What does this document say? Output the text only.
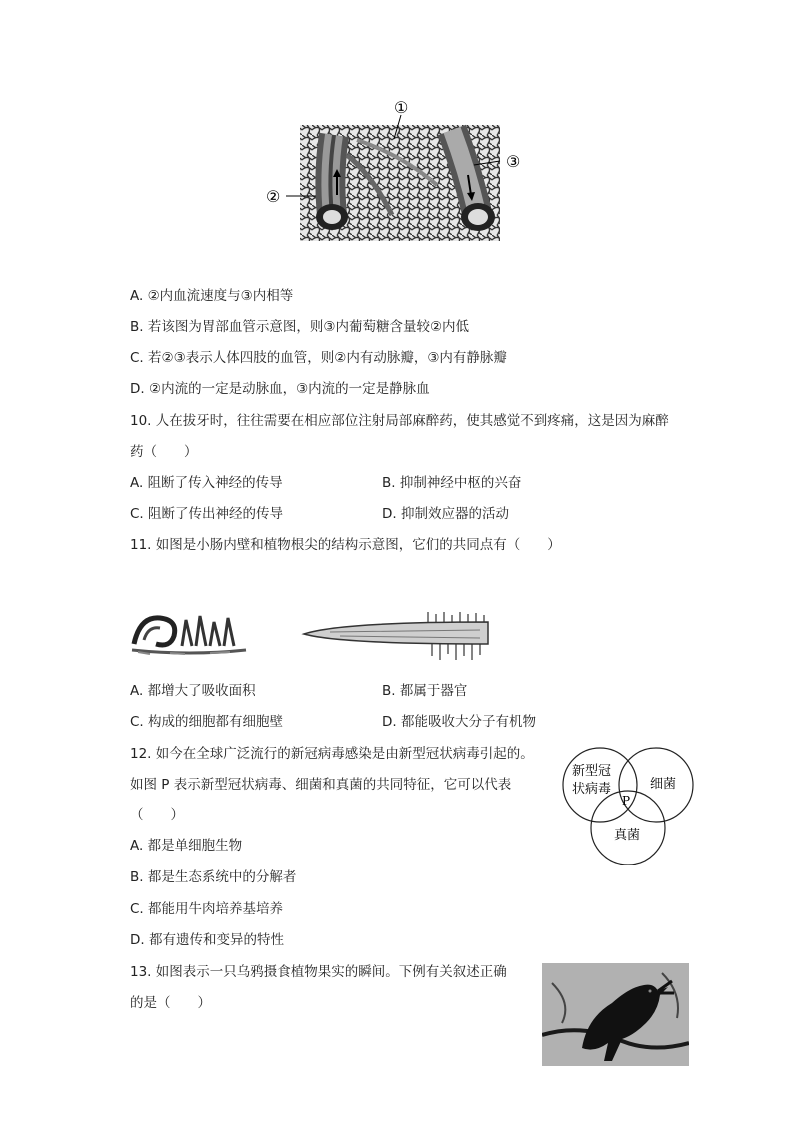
①
②
③
A. ②内血流速度与③内相等
B. 若该图为胃部血管示意图，则③内葡萄糖含量较②内低
C. 若②③表示人体四肢的血管，则②内有动脉瓣，③内有静脉瓣
D. ②内流的一定是动脉血，③内流的一定是静脉血
10. 人在拔牙时，往往需要在相应部位注射局部麻醉药，使其感觉不到疼痛，这是因为麻醉
药（　　）
A. 阻断了传入神经的传导	B. 抑制神经中枢的兴奋
C. 阻断了传出神经的传导	D. 抑制效应器的活动
11. 如图是小肠内壁和植物根尖的结构示意图，它们的共同点有（　　）
A. 都增大了吸收面积	B. 都属于器官
C. 构成的细胞都有细胞壁	D. 都能吸收大分子有机物
12. 如今在全球广泛流行的新冠病毒感染是由新型冠状病毒引起的。
如图 P 表示新型冠状病毒、细菌和真菌的共同特征，它可以代表
（　　）
新型冠
状病毒	细菌
真菌
P
A. 都是单细胞生物
B. 都是生态系统中的分解者
C. 都能用牛肉培养基培养
D. 都有遗传和变异的特性
13. 如图表示一只乌鸦摄食植物果实的瞬间。下例有关叙述正确
的是（　　）
